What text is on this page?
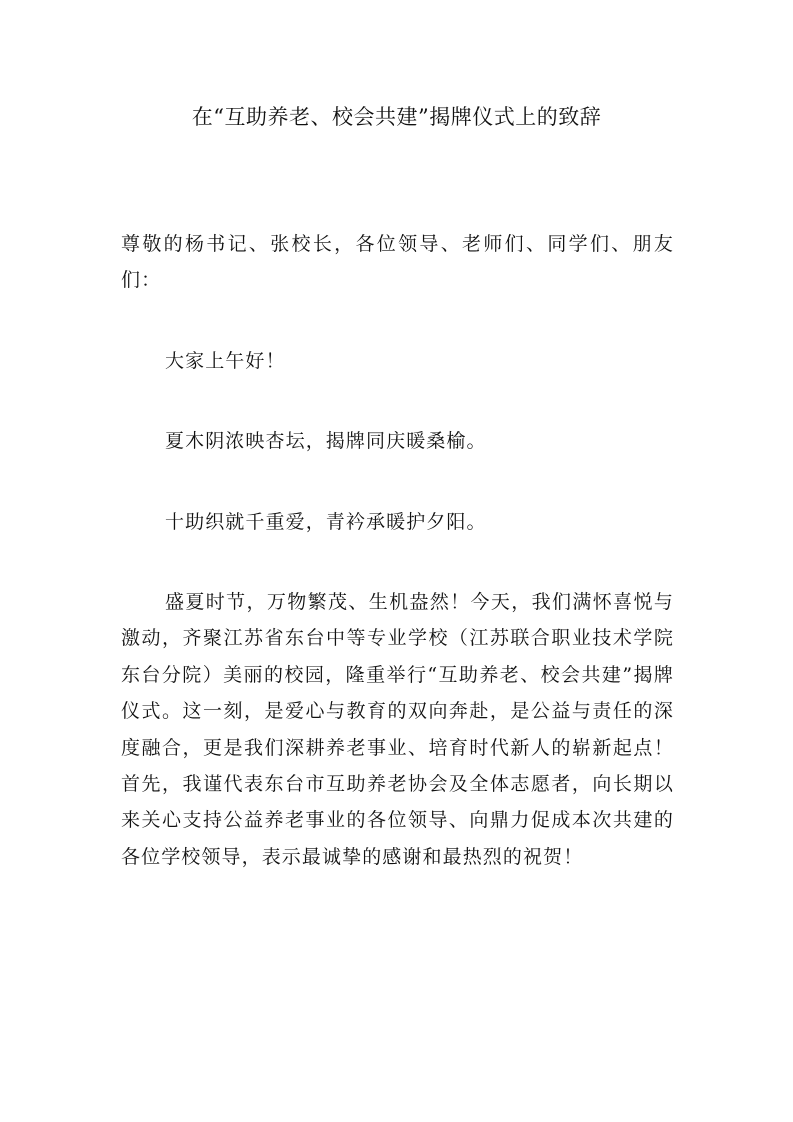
在“互助养老、校会共建”揭牌仪式上的致辞

尊敬的杨书记、张校长，各位领导、老师们、同学们、朋友们：

大家上午好！

夏木阴浓映杏坛，揭牌同庆暖桑榆。

十助织就千重爱，青衿承暖护夕阳。

盛夏时节，万物繁茂、生机盎然！今天，我们满怀喜悦与激动，齐聚江苏省东台中等专业学校（江苏联合职业技术学院东台分院）美丽的校园，隆重举行“互助养老、校会共建”揭牌仪式。这一刻，是爱心与教育的双向奔赴，是公益与责任的深度融合，更是我们深耕养老事业、培育时代新人的崭新起点！首先，我谨代表东台市互助养老协会及全体志愿者，向长期以来关心支持公益养老事业的各位领导、向鼎力促成本次共建的各位学校领导，表示最诚挚的感谢和最热烈的祝贺！
